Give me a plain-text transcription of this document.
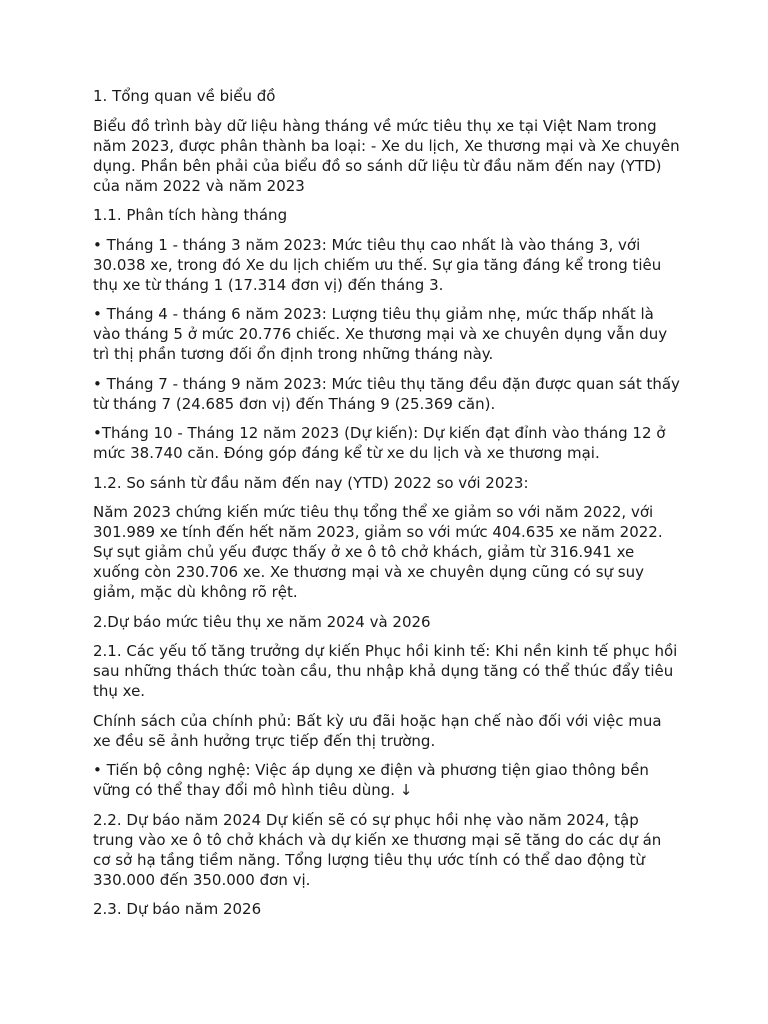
1. Tổng quan về biểu đồ

Biểu đồ trình bày dữ liệu hàng tháng về mức tiêu thụ xe tại Việt Nam trong năm 2023, được phân thành ba loại: - Xe du lịch, Xe thương mại và Xe chuyên dụng. Phần bên phải của biểu đồ so sánh dữ liệu từ đầu năm đến nay (YTD) của năm 2022 và năm 2023

1.1. Phân tích hàng tháng

• Tháng 1 - tháng 3 năm 2023: Mức tiêu thụ cao nhất là vào tháng 3, với 30.038 xe, trong đó Xe du lịch chiếm ưu thế. Sự gia tăng đáng kể trong tiêu thụ xe từ tháng 1 (17.314 đơn vị) đến tháng 3.

• Tháng 4 - tháng 6 năm 2023: Lượng tiêu thụ giảm nhẹ, mức thấp nhất là vào tháng 5 ở mức 20.776 chiếc. Xe thương mại và xe chuyên dụng vẫn duy trì thị phần tương đối ổn định trong những tháng này.

• Tháng 7 - tháng 9 năm 2023: Mức tiêu thụ tăng đều đặn được quan sát thấy từ tháng 7 (24.685 đơn vị) đến Tháng 9 (25.369 căn).

•Tháng 10 - Tháng 12 năm 2023 (Dự kiến): Dự kiến đạt đỉnh vào tháng 12 ở mức 38.740 căn. Đóng góp đáng kể từ xe du lịch và xe thương mại.

1.2. So sánh từ đầu năm đến nay (YTD) 2022 so với 2023:

Năm 2023 chứng kiến mức tiêu thụ tổng thể xe giảm so với năm 2022, với 301.989 xe tính đến hết năm 2023, giảm so với mức 404.635 xe năm 2022. Sự sụt giảm chủ yếu được thấy ở xe ô tô chở khách, giảm từ 316.941 xe xuống còn 230.706 xe. Xe thương mại và xe chuyên dụng cũng có sự suy giảm, mặc dù không rõ rệt.

2.Dự báo mức tiêu thụ xe năm 2024 và 2026

2.1. Các yếu tố tăng trưởng dự kiến Phục hồi kinh tế: Khi nền kinh tế phục hồi sau những thách thức toàn cầu, thu nhập khả dụng tăng có thể thúc đẩy tiêu thụ xe.

Chính sách của chính phủ: Bất kỳ ưu đãi hoặc hạn chế nào đối với việc mua xe đều sẽ ảnh hưởng trực tiếp đến thị trường.

• Tiến bộ công nghệ: Việc áp dụng xe điện và phương tiện giao thông bền vững có thể thay đổi mô hình tiêu dùng. ↓

2.2. Dự báo năm 2024 Dự kiến sẽ có sự phục hồi nhẹ vào năm 2024, tập trung vào xe ô tô chở khách và dự kiến xe thương mại sẽ tăng do các dự án cơ sở hạ tầng tiềm năng. Tổng lượng tiêu thụ ước tính có thể dao động từ 330.000 đến 350.000 đơn vị.

2.3. Dự báo năm 2026
